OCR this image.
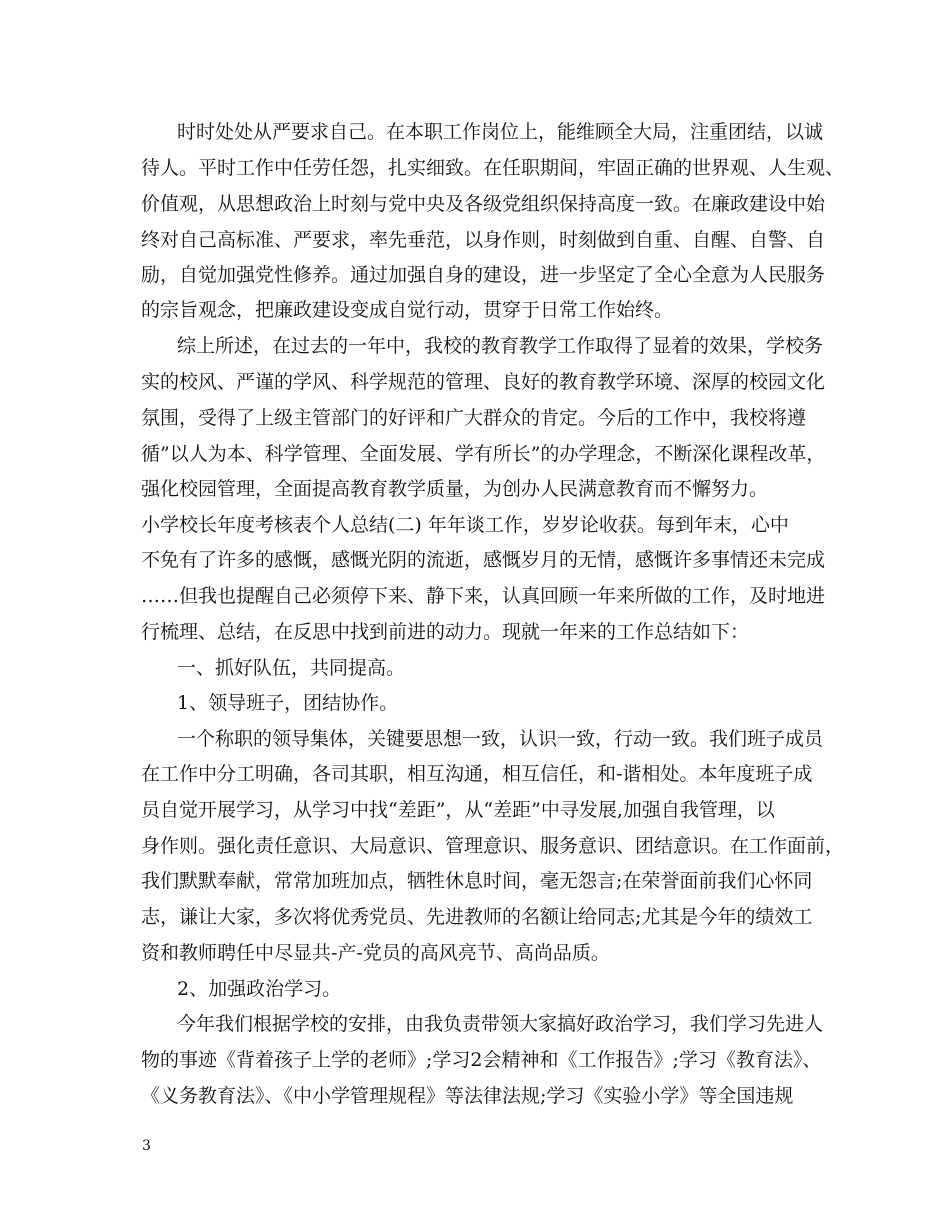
时时处处从严要求自己。在本职工作岗位上，能维顾全大局，注重团结，以诚
待人。平时工作中任劳任怨，扎实细致。在任职期间，牢固正确的世界观、人生观、
价值观，从思想政治上时刻与党中央及各级党组织保持高度一致。在廉政建设中始
终对自己高标准、严要求，率先垂范，以身作则，时刻做到自重、自醒、自警、自
励，自觉加强党性修养。通过加强自身的建设，进一步坚定了全心全意为人民服务
的宗旨观念，把廉政建设变成自觉行动，贯穿于日常工作始终。
综上所述，在过去的一年中，我校的教育教学工作取得了显着的效果，学校务
实的校风、严谨的学风、科学规范的管理、良好的教育教学环境、深厚的校园文化
氛围，受得了上级主管部门的好评和广大群众的肯定。今后的工作中，我校将遵
循”以人为本、科学管理、全面发展、学有所长”的办学理念，不断深化课程改革，
强化校园管理，全面提高教育教学质量，为创办人民满意教育而不懈努力。
小学校长年度考核表个人总结(二) 年年谈工作，岁岁论收获。每到年末，心中
不免有了许多的感慨，感慨光阴的流逝，感慨岁月的无情，感慨许多事情还未完成
……但我也提醒自己必须停下来、静下来，认真回顾一年来所做的工作，及时地进
行梳理、总结，在反思中找到前进的动力。现就一年来的工作总结如下：
一、抓好队伍，共同提高。
1、领导班子，团结协作。
一个称职的领导集体，关键要思想一致，认识一致，行动一致。我们班子成员
在工作中分工明确，各司其职，相互沟通，相互信任，和-谐相处。本年度班子成
员自觉开展学习，从学习中找“差距”，从“差距”中寻发展,加强自我管理，以
身作则。强化责任意识、大局意识、管理意识、服务意识、团结意识。在工作面前，
我们默默奉献，常常加班加点，牺牲休息时间，毫无怨言;在荣誉面前我们心怀同
志，谦让大家，多次将优秀党员、先进教师的名额让给同志;尤其是今年的绩效工
资和教师聘任中尽显共-产-党员的高风亮节、高尚品质。
2、加强政治学习。
今年我们根据学校的安排，由我负责带领大家搞好政治学习，我们学习先进人
物的事迹《背着孩子上学的老师》;学习2会精神和《工作报告》;学习《教育法》、
《义务教育法》、《中小学管理规程》等法律法规;学习《实验小学》等全国违规
3
